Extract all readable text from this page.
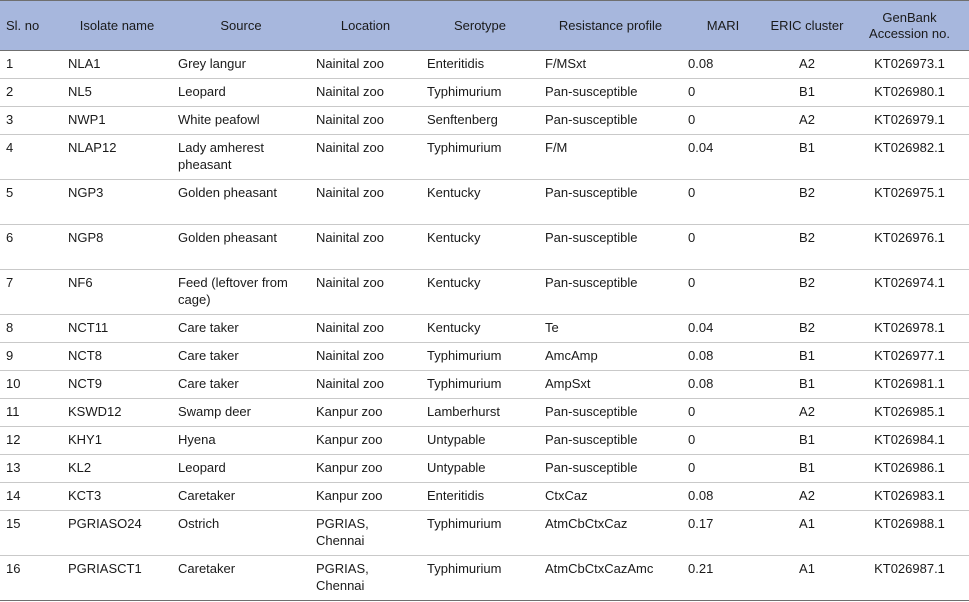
Sl. no	Isolate name	Source	Location	Serotype	Resistance profile	MARI	ERIC cluster	GenBank Accession no.
1	NLA1	Grey langur	Nainital zoo	Enteritidis	F/MSxt	0.08	A2	KT026973.1
2	NL5	Leopard	Nainital zoo	Typhimurium	Pan-susceptible	0	B1	KT026980.1
3	NWP1	White peafowl	Nainital zoo	Senftenberg	Pan-susceptible	0	A2	KT026979.1
4	NLAP12	Lady amherest pheasant	Nainital zoo	Typhimurium	F/M	0.04	B1	KT026982.1
5	NGP3	Golden pheasant	Nainital zoo	Kentucky	Pan-susceptible	0	B2	KT026975.1
6	NGP8	Golden pheasant	Nainital zoo	Kentucky	Pan-susceptible	0	B2	KT026976.1
7	NF6	Feed (leftover from cage)	Nainital zoo	Kentucky	Pan-susceptible	0	B2	KT026974.1
8	NCT11	Care taker	Nainital zoo	Kentucky	Te	0.04	B2	KT026978.1
9	NCT8	Care taker	Nainital zoo	Typhimurium	AmcAmp	0.08	B1	KT026977.1
10	NCT9	Care taker	Nainital zoo	Typhimurium	AmpSxt	0.08	B1	KT026981.1
11	KSWD12	Swamp deer	Kanpur zoo	Lamberhurst	Pan-susceptible	0	A2	KT026985.1
12	KHY1	Hyena	Kanpur zoo	Untypable	Pan-susceptible	0	B1	KT026984.1
13	KL2	Leopard	Kanpur zoo	Untypable	Pan-susceptible	0	B1	KT026986.1
14	KCT3	Caretaker	Kanpur zoo	Enteritidis	CtxCaz	0.08	A2	KT026983.1
15	PGRIASO24	Ostrich	PGRIAS, Chennai	Typhimurium	AtmCbCtxCaz	0.17	A1	KT026988.1
16	PGRIASCT1	Caretaker	PGRIAS, Chennai	Typhimurium	AtmCbCtxCazAmc	0.21	A1	KT026987.1
